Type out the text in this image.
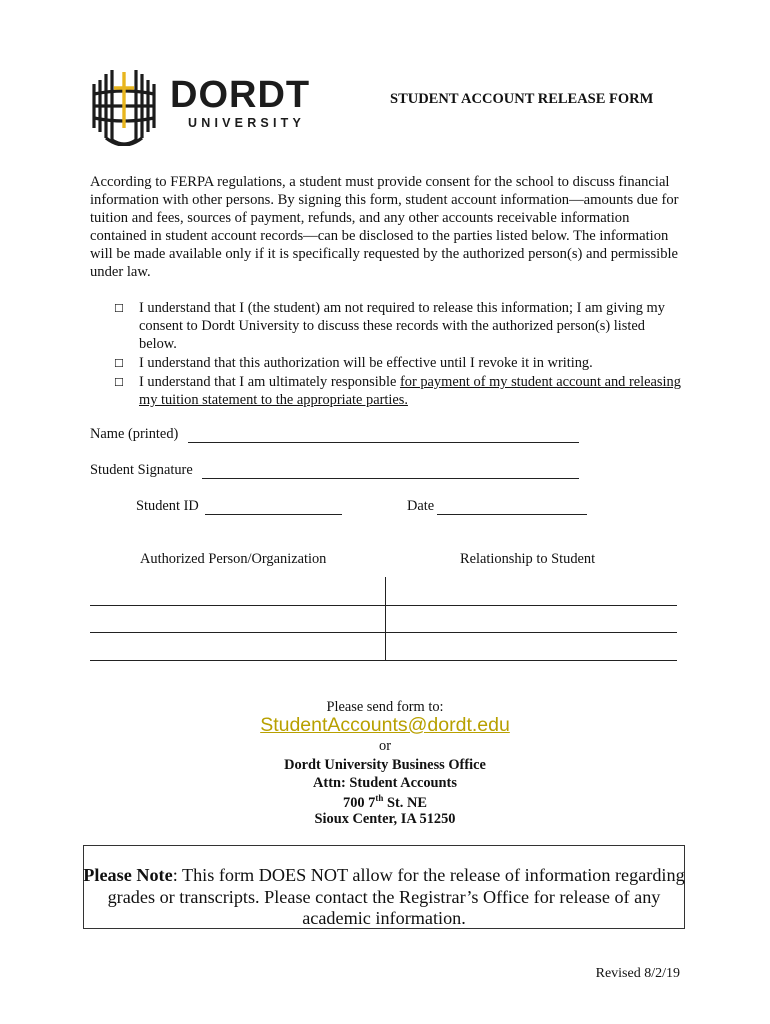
DORDT
UNIVERSITY
STUDENT ACCOUNT RELEASE FORM
According to FERPA regulations, a student must provide consent for the school to discuss financial information with other persons. By signing this form, student account information—amounts due for tuition and fees, sources of payment, refunds, and any other accounts receivable information contained in student account records—can be disclosed to the parties listed below. The information will be made available only if it is specifically requested by the authorized person(s) and permissible under law.
☐	I understand that I (the student) am not required to release this information; I am giving my consent to Dordt University to discuss these records with the authorized person(s) listed below.
☐	I understand that this authorization will be effective until I revoke it in writing.
☐	I understand that I am ultimately responsible for payment of my student account and releasing my tuition statement to the appropriate parties.
Name (printed)
Student Signature
Student ID	Date
Authorized Person/Organization	Relationship to Student
Please send form to:
StudentAccounts@dordt.edu
or
Dordt University Business Office
Attn: Student Accounts
700 7th St. NE
Sioux Center, IA 51250
Please Note: This form DOES NOT allow for the release of information regarding grades or transcripts. Please contact the Registrar’s Office for release of any academic information.
Revised 8/2/19
